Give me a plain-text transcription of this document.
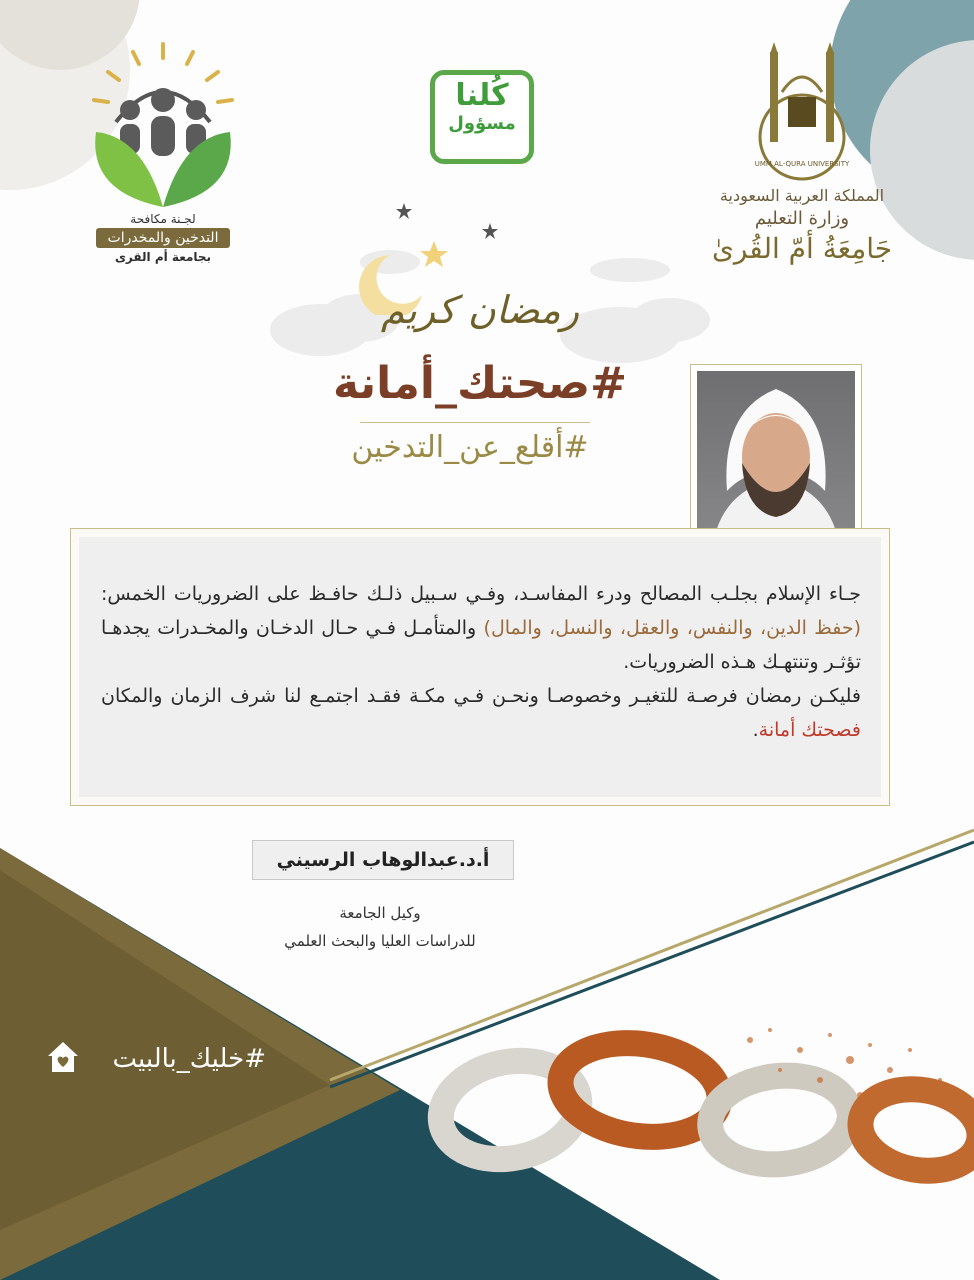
UMM AL-QURA UNIVERSITY
المملكة العربية السعودية
وزارة التعليم
جَامِعَةُ أمّ القُرىٰ
كُلنا
مسؤول
لجـنة مكافحة
التدخين والمخدرات
بجامعة أم القرى
رمضان كريم
#صحتك_أمانة
#أقلع_عن_التدخين
جـاء الإسلام بجلـب المصالح ودرء المفاسـد، وفـي سـبيل ذلـك حافـظ على الضروريات الخمس:(حفظ الدين، والنفس، والعقل، والنسل، والمال) والمتأمـل فـي حـال الدخـان والمخـدرات يجدهـا تؤثـر وتنتهـك هـذه الضروريات.
فليكـن رمضان فرصـة للتغيـر وخصوصـا ونحـن فـي مكـة فقـد اجتمـع لنا شرف الزمان والمكان فصحتك أمانة.
أ.د.عبدالوهاب الرسيني
وكيل الجامعة
للدراسات العليا والبحث العلمي
#خليك_بالبيت
